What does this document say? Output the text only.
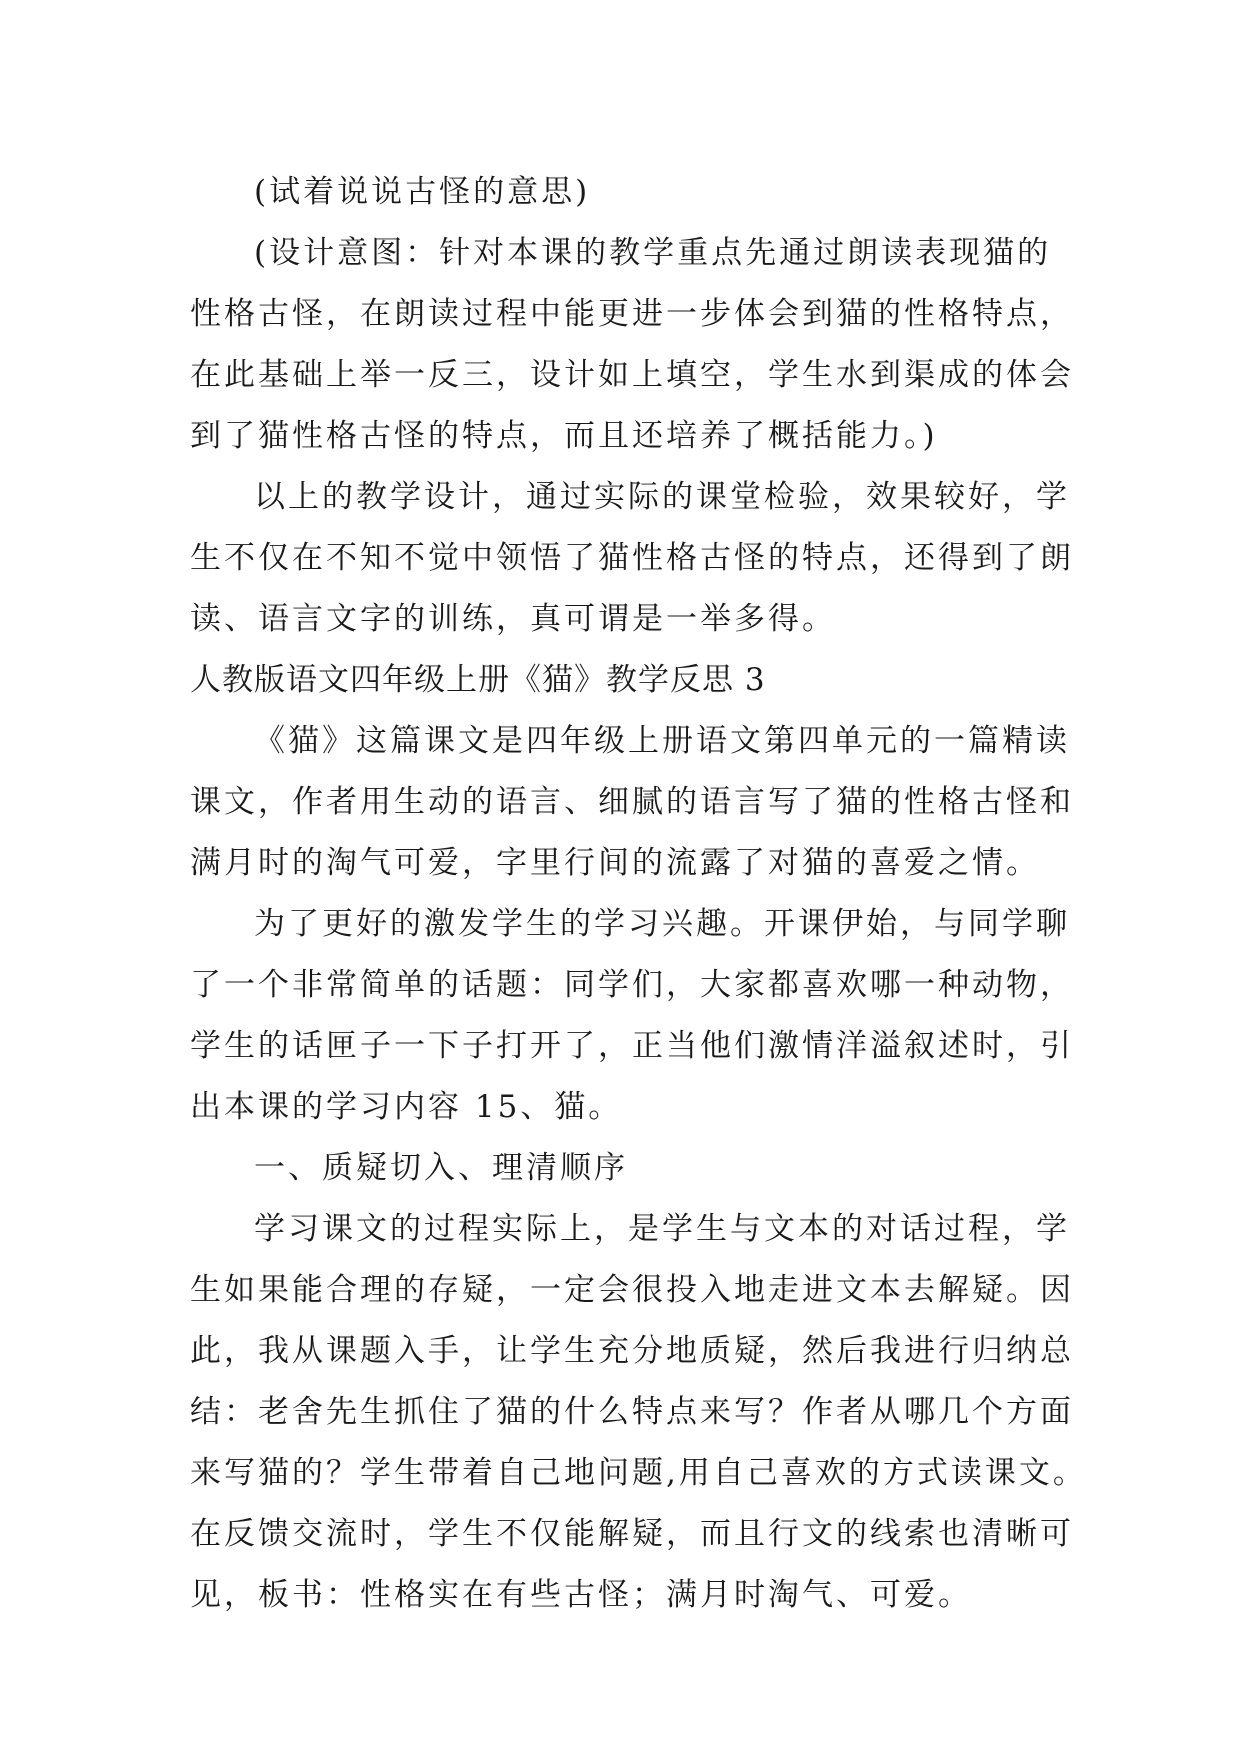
(试着说说古怪的意思)
(设计意图：针对本课的教学重点先通过朗读表现猫的
性格古怪，在朗读过程中能更进一步体会到猫的性格特点，
在此基础上举一反三，设计如上填空，学生水到渠成的体会
到了猫性格古怪的特点，而且还培养了概括能力。)
以上的教学设计，通过实际的课堂检验，效果较好，学
生不仅在不知不觉中领悟了猫性格古怪的特点，还得到了朗
读、语言文字的训练，真可谓是一举多得。
人教版语文四年级上册《猫》教学反思 3
《猫》这篇课文是四年级上册语文第四单元的一篇精读
课文，作者用生动的语言、细腻的语言写了猫的性格古怪和
满月时的淘气可爱，字里行间的流露了对猫的喜爱之情。
为了更好的激发学生的学习兴趣。开课伊始，与同学聊
了一个非常简单的话题：同学们，大家都喜欢哪一种动物，
学生的话匣子一下子打开了，正当他们激情洋溢叙述时，引
出本课的学习内容 15、猫。
一、质疑切入、理清顺序
学习课文的过程实际上，是学生与文本的对话过程，学
生如果能合理的存疑，一定会很投入地走进文本去解疑。因
此，我从课题入手，让学生充分地质疑，然后我进行归纳总
结：老舍先生抓住了猫的什么特点来写？作者从哪几个方面
来写猫的？学生带着自己地问题,用自己喜欢的方式读课文。
在反馈交流时，学生不仅能解疑，而且行文的线索也清晰可
见，板书：性格实在有些古怪；满月时淘气、可爱。
